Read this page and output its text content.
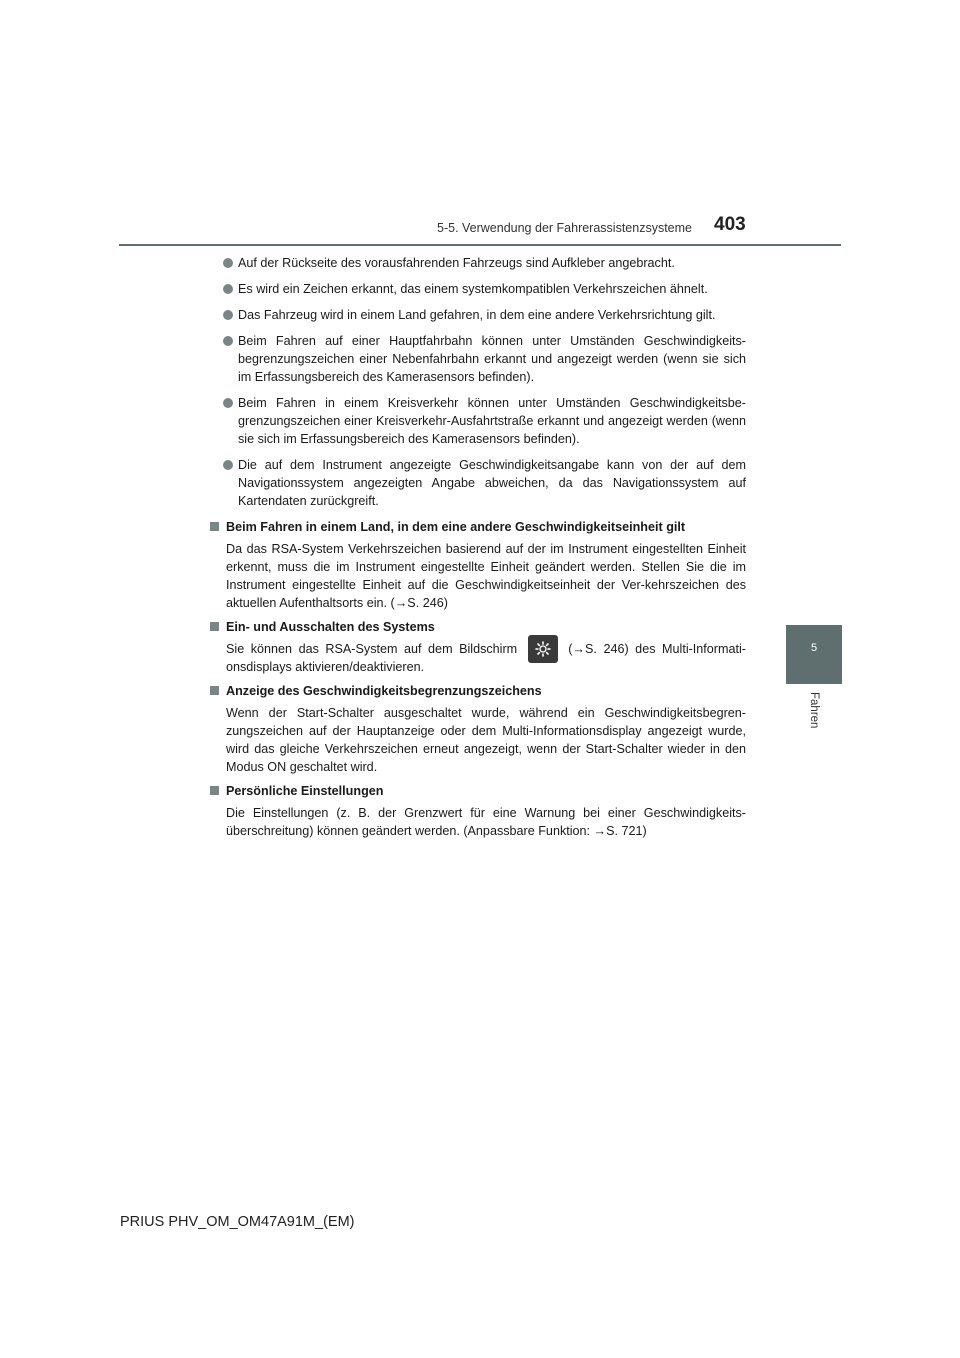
5-5. Verwendung der Fahrerassistenzsysteme 403
5
Fahren
Auf der Rückseite des vorausfahrenden Fahrzeugs sind Aufkleber angebracht.
Es wird ein Zeichen erkannt, das einem systemkompatiblen Verkehrszeichen ähnelt.
Das Fahrzeug wird in einem Land gefahren, in dem eine andere Verkehrsrichtung gilt.
Beim Fahren auf einer Hauptfahrbahn können unter Umständen Geschwindigkeits-begrenzungszeichen einer Nebenfahrbahn erkannt und angezeigt werden (wenn sie sich im Erfassungsbereich des Kamerasensors befinden).
Beim Fahren in einem Kreisverkehr können unter Umständen Geschwindigkeitsbe-grenzungszeichen einer Kreisverkehr-Ausfahrtstraße erkannt und angezeigt werden (wenn sie sich im Erfassungsbereich des Kamerasensors befinden).
Die auf dem Instrument angezeigte Geschwindigkeitsangabe kann von der auf dem Navigationssystem angezeigten Angabe abweichen, da das Navigationssystem auf Kartendaten zurückgreift.
Beim Fahren in einem Land, in dem eine andere Geschwindigkeitseinheit gilt
Da das RSA-System Verkehrszeichen basierend auf der im Instrument eingestellten Einheit erkennt, muss die im Instrument eingestellte Einheit geändert werden. Stellen Sie die im Instrument eingestellte Einheit auf die Geschwindigkeitseinheit der Ver-kehrszeichen des aktuellen Aufenthaltsorts ein. (→S. 246)
Ein- und Ausschalten des Systems
Sie können das RSA-System auf dem Bildschirm	(→S. 246) des Multi-Informati-onsdisplays aktivieren/deaktivieren.
Anzeige des Geschwindigkeitsbegrenzungszeichens
Wenn der Start-Schalter ausgeschaltet wurde, während ein Geschwindigkeitsbegren-zungszeichen auf der Hauptanzeige oder dem Multi-Informationsdisplay angezeigt wurde, wird das gleiche Verkehrszeichen erneut angezeigt, wenn der Start-Schalter wieder in den Modus ON geschaltet wird.
Persönliche Einstellungen
Die Einstellungen (z. B. der Grenzwert für eine Warnung bei einer Geschwindigkeits-überschreitung) können geändert werden. (Anpassbare Funktion: →S. 721)
PRIUS PHV_OM_OM47A91M_(EM)
